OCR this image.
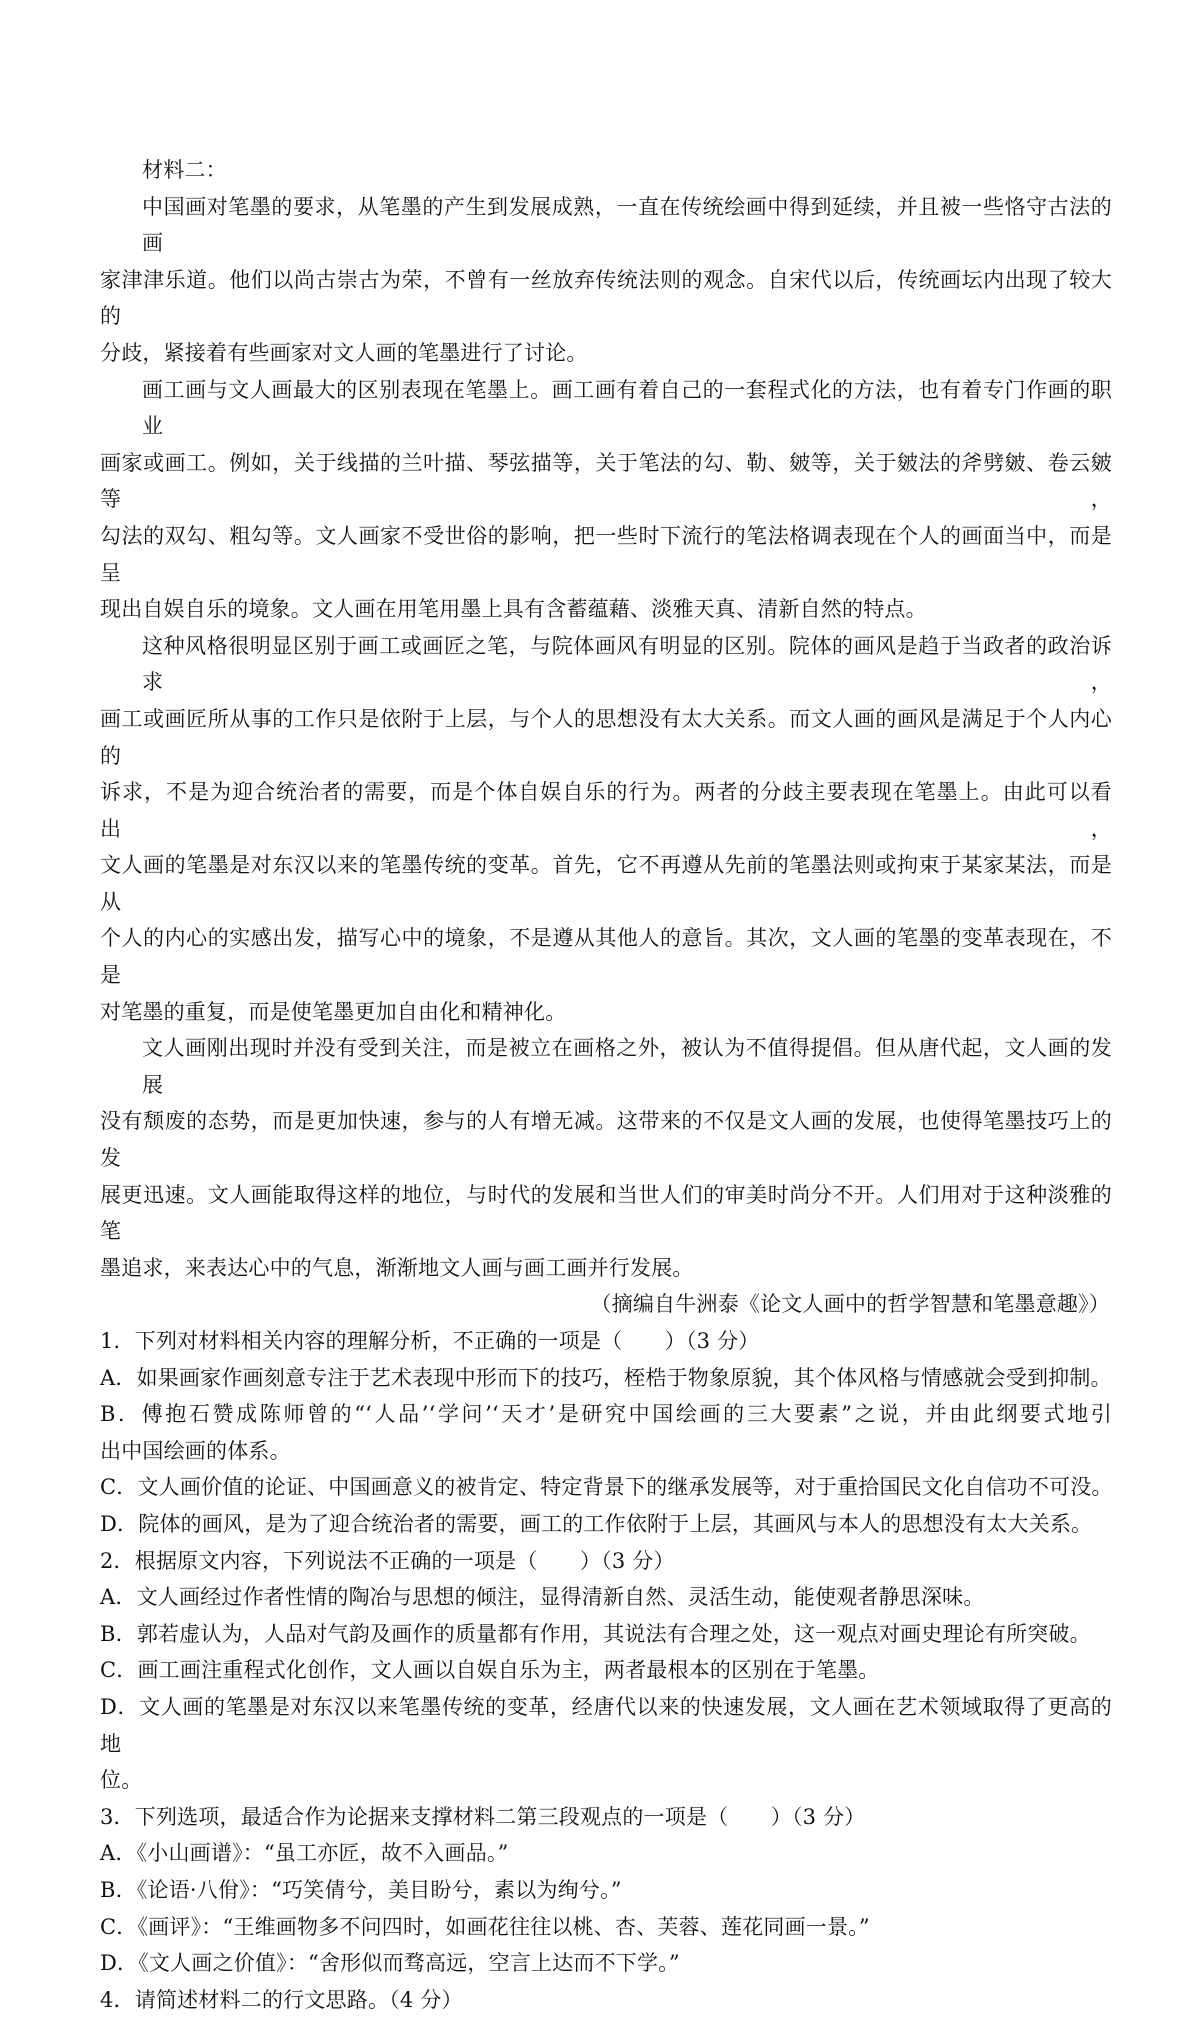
材料二：
中国画对笔墨的要求，从笔墨的产生到发展成熟，一直在传统绘画中得到延续，并且被一些恪守古法的画
家津津乐道。他们以尚古崇古为荣，不曾有一丝放弃传统法则的观念。自宋代以后，传统画坛内出现了较大的
分歧，紧接着有些画家对文人画的笔墨进行了讨论。
画工画与文人画最大的区别表现在笔墨上。画工画有着自己的一套程式化的方法，也有着专门作画的职业
画家或画工。例如，关于线描的兰叶描、琴弦描等，关于笔法的勾、勒、皴等，关于皴法的斧劈皴、卷云皴等，
勾法的双勾、粗勾等。文人画家不受世俗的影响，把一些时下流行的笔法格调表现在个人的画面当中，而是呈
现出自娱自乐的境象。文人画在用笔用墨上具有含蓄蕴藉、淡雅天真、清新自然的特点。
这种风格很明显区别于画工或画匠之笔，与院体画风有明显的区别。院体的画风是趋于当政者的政治诉求，
画工或画匠所从事的工作只是依附于上层，与个人的思想没有太大关系。而文人画的画风是满足于个人内心的
诉求，不是为迎合统治者的需要，而是个体自娱自乐的行为。两者的分歧主要表现在笔墨上。由此可以看出，
文人画的笔墨是对东汉以来的笔墨传统的变革。首先，它不再遵从先前的笔墨法则或拘束于某家某法，而是从
个人的内心的实感出发，描写心中的境象，不是遵从其他人的意旨。其次，文人画的笔墨的变革表现在，不是
对笔墨的重复，而是使笔墨更加自由化和精神化。
文人画刚出现时并没有受到关注，而是被立在画格之外，被认为不值得提倡。但从唐代起，文人画的发展
没有颓废的态势，而是更加快速，参与的人有增无减。这带来的不仅是文人画的发展，也使得笔墨技巧上的发
展更迅速。文人画能取得这样的地位，与时代的发展和当世人们的审美时尚分不开。人们用对于这种淡雅的笔
墨追求，来表达心中的气息，渐渐地文人画与画工画并行发展。
（摘编自牛洲泰《论文人画中的哲学智慧和笔墨意趣》）
1．下列对材料相关内容的理解分析，不正确的一项是（　　）（3 分）
A．如果画家作画刻意专注于艺术表现中形而下的技巧，桎梏于物象原貌，其个体风格与情感就会受到抑制。
B．傅抱石赞成陈师曾的“‘人品’‘学问’‘天才’是研究中国绘画的三大要素”之说，并由此纲要式地引
出中国绘画的体系。
C．文人画价值的论证、中国画意义的被肯定、特定背景下的继承发展等，对于重拾国民文化自信功不可没。
D．院体的画风，是为了迎合统治者的需要，画工的工作依附于上层，其画风与本人的思想没有太大关系。
2．根据原文内容，下列说法不正确的一项是（　　）（3 分）
A．文人画经过作者性情的陶冶与思想的倾注，显得清新自然、灵活生动，能使观者静思深味。
B．郭若虚认为，人品对气韵及画作的质量都有作用，其说法有合理之处，这一观点对画史理论有所突破。
C．画工画注重程式化创作，文人画以自娱自乐为主，两者最根本的区别在于笔墨。
D．文人画的笔墨是对东汉以来笔墨传统的变革，经唐代以来的快速发展，文人画在艺术领域取得了更高的地
位。
3．下列选项，最适合作为论据来支撑材料二第三段观点的一项是（　　）（3 分）
A．《小山画谱》：“虽工亦匠，故不入画品。”
B．《论语·八佾》：“巧笑倩兮，美目盼兮，素以为绚兮。”
C．《画评》：“王维画物多不问四时，如画花往往以桃、杏、芙蓉、莲花同画一景。”
D．《文人画之价值》：“舍形似而骛高远，空言上达而不下学。”
4．请简述材料二的行文思路。（4 分）
